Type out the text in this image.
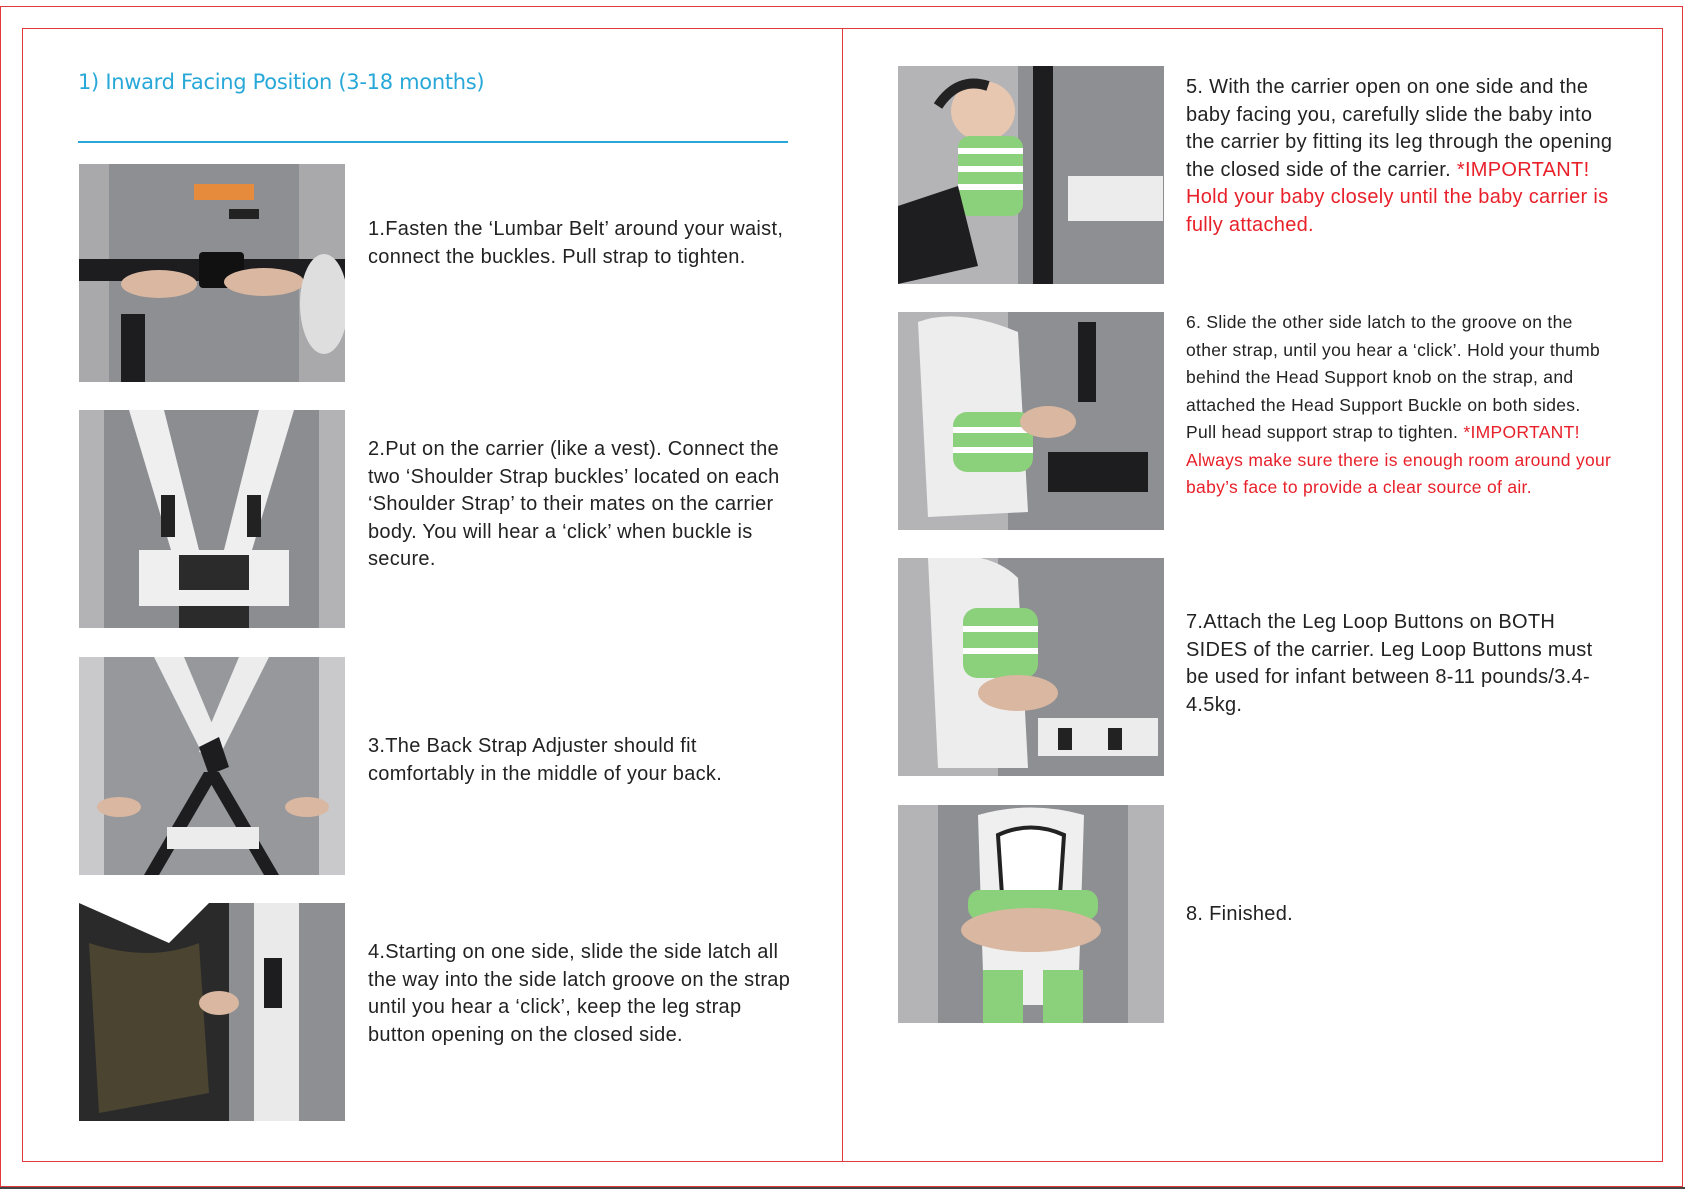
1) Inward Facing Position (3-18 months)

1.Fasten the ‘Lumbar Belt’ around your waist, connect the buckles. Pull strap to tighten.

2.Put on the carrier (like a vest). Connect the two ‘Shoulder Strap buckles’ located on each ‘Shoulder Strap’ to their mates on the carrier body. You will hear a ‘click’ when buckle is secure.

3.The Back Strap Adjuster should fit comfortably in the middle of your back.

4.Starting on one side, slide the side latch all the way into the side latch groove on the strap until you hear a ‘click’, keep the leg strap button opening on the closed side.

5. With the carrier open on one side and the baby facing you, carefully slide the baby into the carrier by fitting its leg through the opening the closed side of the carrier. *IMPORTANT! Hold your baby closely until the baby carrier is fully attached.

6. Slide the other side latch to the groove on the other strap, until you hear a ‘click’. Hold your thumb behind the Head Support knob on the strap, and attached the Head Support Buckle on both sides. Pull head support strap to tighten. *IMPORTANT! Always make sure there is enough room around your baby’s face to provide a clear source of air.

7.Attach the Leg Loop Buttons on BOTH SIDES of the carrier. Leg Loop Buttons must be used for infant between 8-11 pounds/3.4-4.5kg.

8. Finished.
